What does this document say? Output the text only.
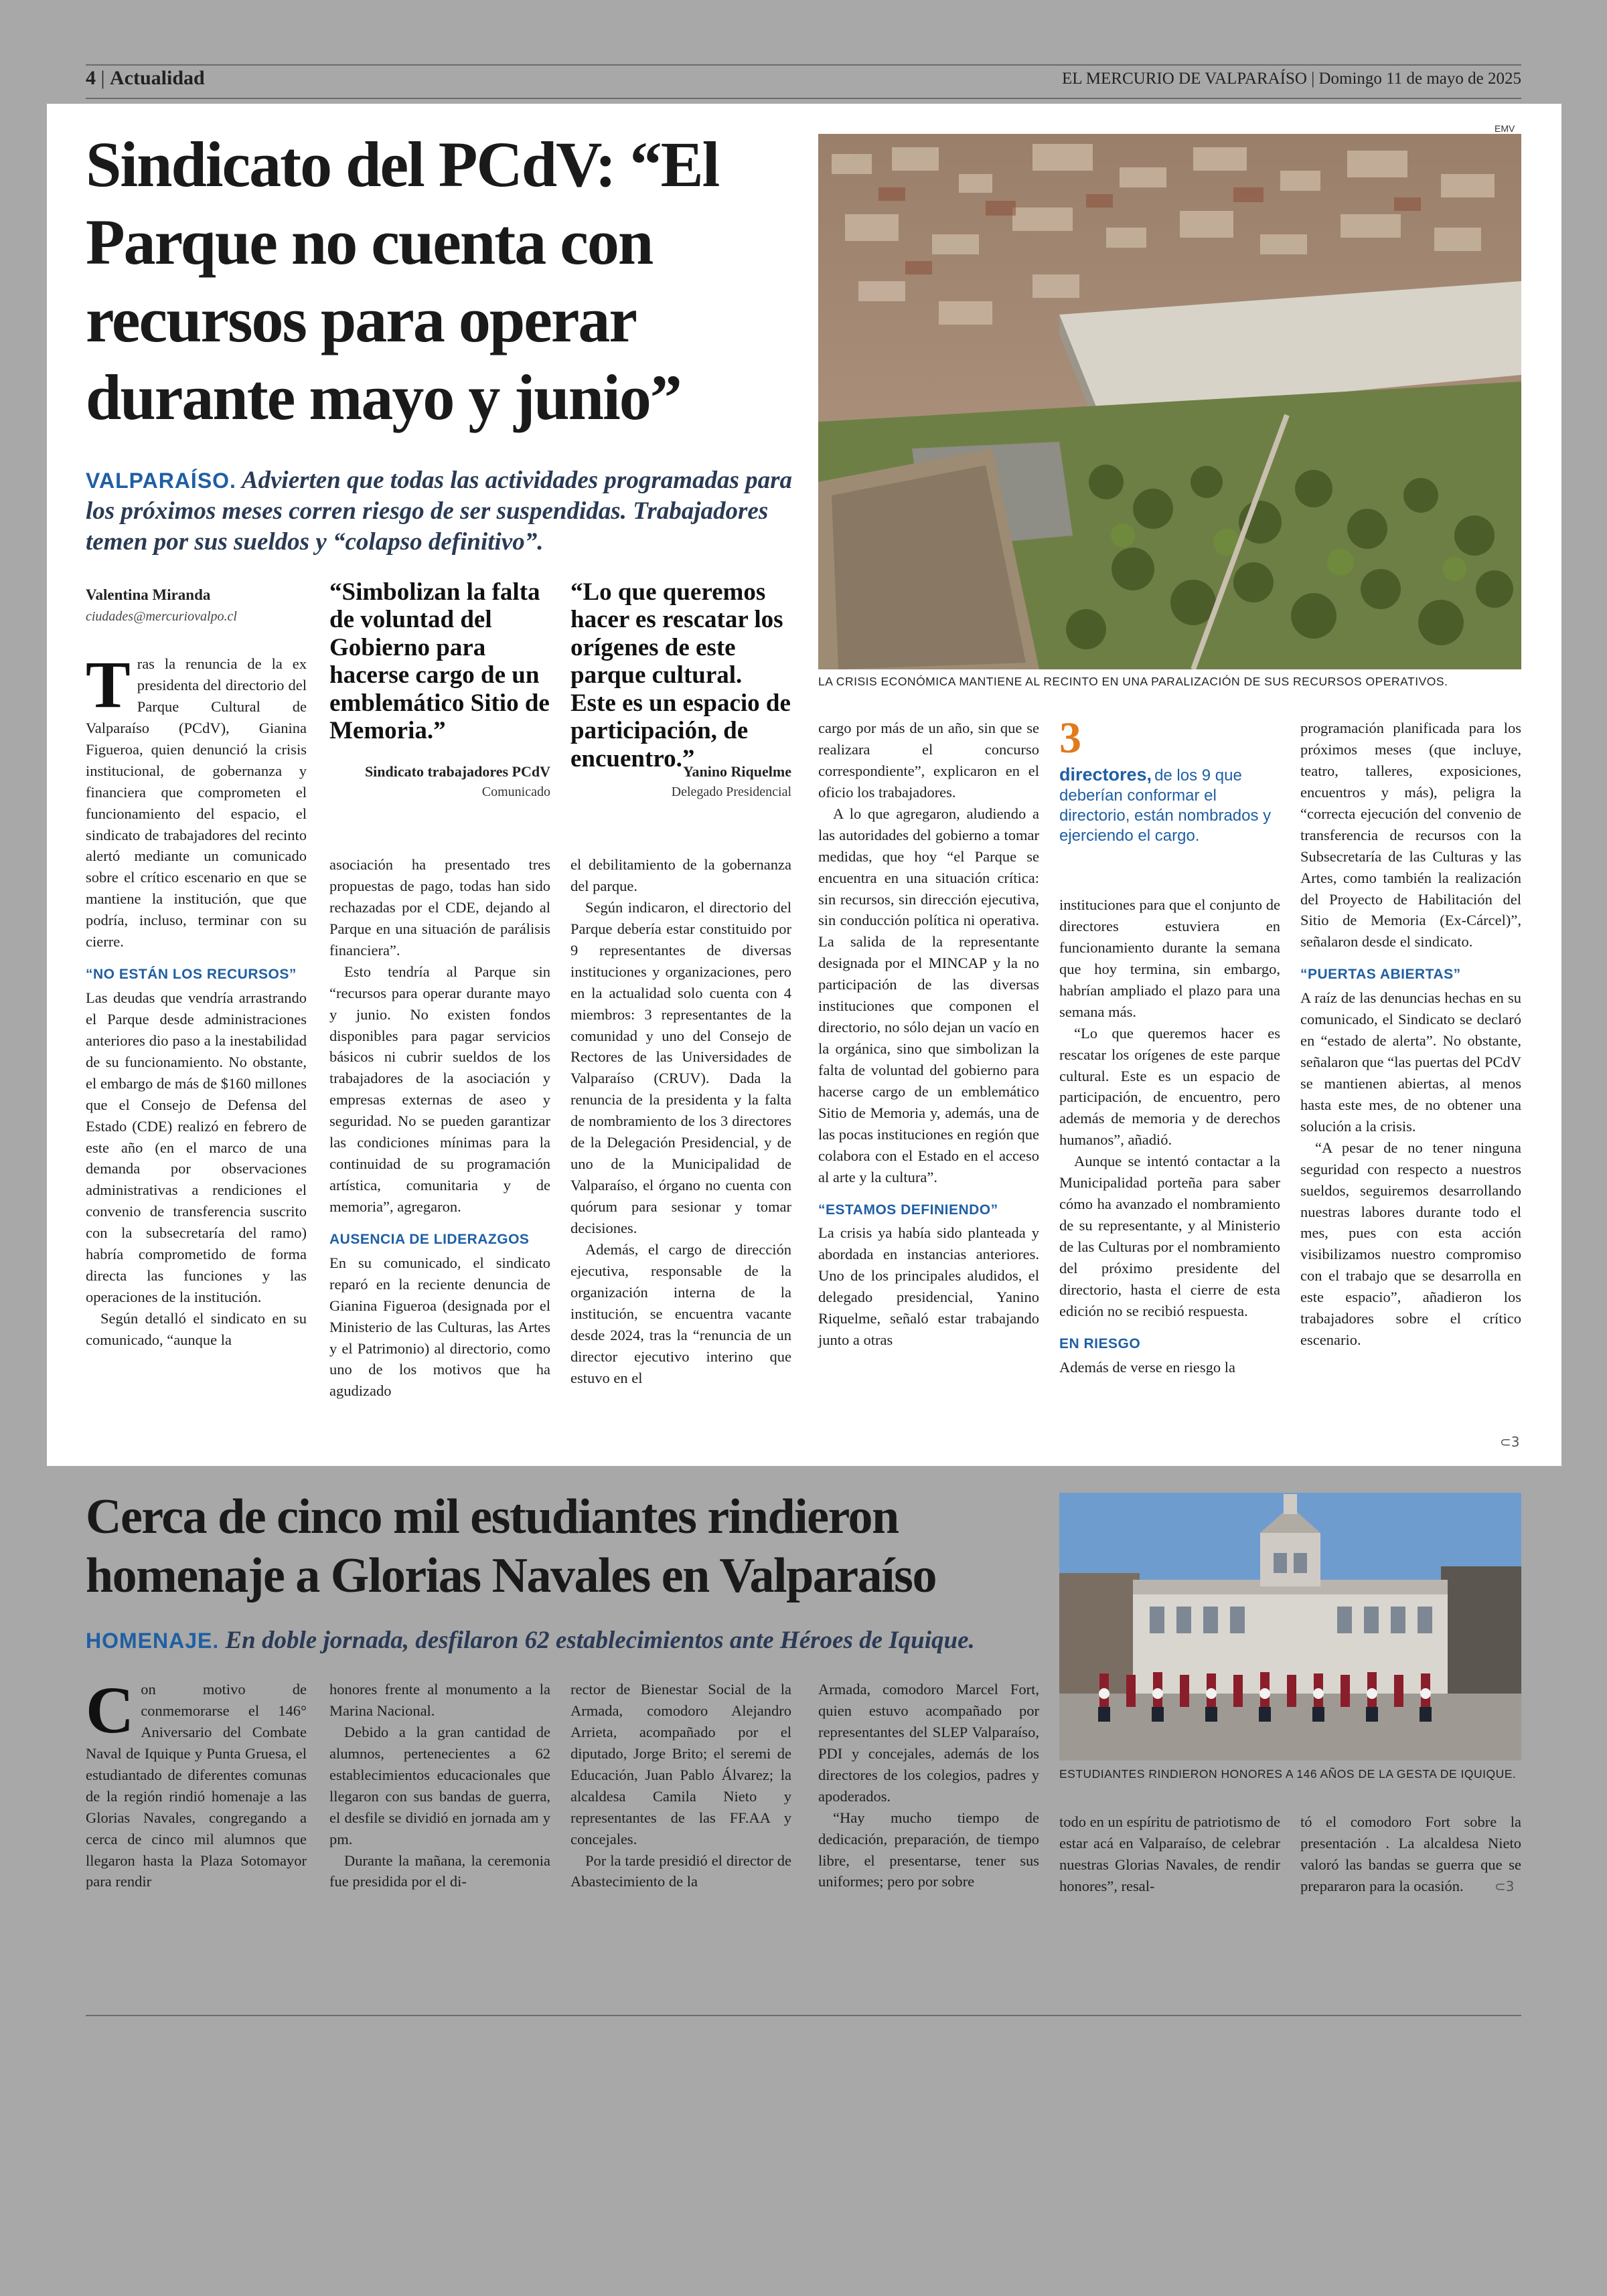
4 | Actualidad	EL MERCURIO DE VALPARAÍSO | Domingo 11 de mayo de 2025
Sindicato del PCdV: “El
Parque no cuenta con
recursos para operar
durante mayo y junio”
VALPARAÍSO. Advierten que todas las actividades programadas para los próximos meses corren riesgo de ser suspendidas. Trabajadores temen por sus sueldos y “colapso definitivo”.
EMV
LA CRISIS ECONÓMICA MANTIENE AL RECINTO EN UNA PARALIZACIÓN DE SUS RECURSOS OPERATIVOS.
Valentina Miranda
ciudades@mercuriovalpo.cl
“Simbolizan la falta de voluntad del Gobierno para hacerse cargo de un emblemático Sitio de Memoria.”
Sindicato trabajadores PCdV
Comunicado
“Lo que queremos hacer es rescatar los orígenes de este parque cultural. Este es un espacio de participación, de encuentro.”
Yanino Riquelme
Delegado Presidencial

Tras la renuncia de la ex presidenta del directorio del Parque Cultural de Valparaíso (PCdV), Gianina Figueroa, quien denunció la crisis institucional, de gobernanza y financiera que comprometen el funcionamiento del espacio, el sindicato de trabajadores del recinto alertó mediante un comunicado sobre el crítico escenario en que se mantiene la institución, que que podría, incluso, terminar con su cierre.

“NO ESTÁN LOS RECURSOS”

Las deudas que vendría arrastrando el Parque desde administraciones anteriores dio paso a la inestabilidad de su funcionamiento. No obstante, el embargo de más de $160 millones que el Consejo de Defensa del Estado (CDE) realizó en febrero de este año (en el marco de una demanda por observaciones administrativas a rendiciones el convenio de transferencia suscrito con la subsecretaría del ramo) habría comprometido de forma directa las funciones y las operaciones de la institución.

Según detalló el sindicato en su comunicado, “aunque la

asociación ha presentado tres propuestas de pago, todas han sido rechazadas por el CDE, dejando al Parque en una situación de parálisis financiera”.

Esto tendría al Parque sin “recursos para operar durante mayo y junio. No existen fondos disponibles para pagar servicios básicos ni cubrir sueldos de los trabajadores de la asociación y empresas externas de aseo y seguridad. No se pueden garantizar las condiciones mínimas para la continuidad de su programación artística, comunitaria y de memoria”, agregaron.

AUSENCIA DE LIDERAZGOS

En su comunicado, el sindicato reparó en la reciente denuncia de Gianina Figueroa (designada por el Ministerio de las Culturas, las Artes y el Patrimonio) al directorio, como uno de los motivos que ha agudizado

el debilitamiento de la gobernanza del parque.

Según indicaron, el directorio del Parque debería estar constituido por 9 representantes de diversas instituciones y organizaciones, pero en la actualidad solo cuenta con 4 miembros: 3 representantes de la comunidad y uno del Consejo de Rectores de las Universidades de Valparaíso (CRUV). Dada la renuncia de la presidenta y la falta de nombramiento de los 3 directores de la Delegación Presidencial, y de uno de la Municipalidad de Valparaíso, el órgano no cuenta con quórum para sesionar y tomar decisiones.

Además, el cargo de dirección ejecutiva, responsable de la organización interna de la institución, se encuentra vacante desde 2024, tras la “renuncia de un director ejecutivo interino que estuvo en el

cargo por más de un año, sin que se realizara el concurso correspondiente”, explicaron en el oficio los trabajadores.

A lo que agregaron, aludiendo a las autoridades del gobierno a tomar medidas, que hoy “el Parque se encuentra en una situación crítica: sin recursos, sin dirección ejecutiva, sin conducción política ni operativa. La salida de la representante designada por el MINCAP y la no participación de las diversas instituciones que componen el directorio, no sólo dejan un vacío en la orgánica, sino que simbolizan la falta de voluntad del gobierno para hacerse cargo de un emblemático Sitio de Memoria y, además, una de las pocas instituciones en región que colabora con el Estado en el acceso al arte y la cultura”.

“ESTAMOS DEFINIENDO”

La crisis ya había sido planteada y abordada en instancias anteriores. Uno de los principales aludidos, el delegado presidencial, Yanino Riquelme, señaló estar trabajando junto a otras

3
directores, de los 9 que deberían conformar el directorio, están nombrados y ejerciendo el cargo.

instituciones para que el conjunto de directores estuviera en funcionamiento durante la semana que hoy termina, sin embargo, habrían ampliado el plazo para una semana más.

“Lo que queremos hacer es rescatar los orígenes de este parque cultural. Este es un espacio de participación, de encuentro, pero además de memoria y de derechos humanos”, añadió.

Aunque se intentó contactar a la Municipalidad porteña para saber cómo ha avanzado el nombramiento de su representante, y al Ministerio de las Culturas por el nombramiento del próximo presidente del directorio, hasta el cierre de esta edición no se recibió respuesta.

EN RIESGO

Además de verse en riesgo la

programación planificada para los próximos meses (que incluye, teatro, talleres, exposiciones, encuentros y más), peligra la “correcta ejecución del convenio de transferencia de recursos con la Subsecretaría de las Culturas y las Artes, como también la realización del Proyecto de Habilitación del Sitio de Memoria (Ex-Cárcel)”, señalaron desde el sindicato.

“PUERTAS ABIERTAS”

A raíz de las denuncias hechas en su comunicado, el Sindicato se declaró en “estado de alerta”. No obstante, señalaron que “las puertas del PCdV se mantienen abiertas, al menos hasta este mes, de no obtener una solución a la crisis.

“A pesar de no tener ninguna seguridad con respecto a nuestros sueldos, seguiremos desarrollando nuestras labores durante todo el mes, pues con esta acción visibilizamos nuestro compromiso con el trabajo que se desarrolla en este espacio”, añadieron los trabajadores sobre el crítico escenario.

⊂3
Cerca de cinco mil estudiantes rindieron
homenaje a Glorias Navales en Valparaíso
HOMENAJE. En doble jornada, desfilaron 62 establecimientos ante Héroes de Iquique.
ESTUDIANTES RINDIERON HONORES A 146 AÑOS DE LA GESTA DE IQUIQUE.

Con motivo de conmemorarse el 146° Aniversario del Combate Naval de Iquique y Punta Gruesa, el estudiantado de diferentes comunas de la región rindió homenaje a las Glorias Navales, congregando a cerca de cinco mil alumnos que llegaron hasta la Plaza Sotomayor para rendir

honores frente al monumento a la Marina Nacional.

Debido a la gran cantidad de alumnos, pertenecientes a 62 establecimientos educacionales que llegaron con sus bandas de guerra, el desfile se dividió en jornada am y pm.

Durante la mañana, la ceremonia fue presidida por el di-

rector de Bienestar Social de la Armada, comodoro Alejandro Arrieta, acompañado por el diputado, Jorge Brito; el seremi de Educación, Juan Pablo Álvarez; la alcaldesa Camila Nieto y representantes de las FF.AA y concejales.

Por la tarde presidió el director de Abastecimiento de la

Armada, comodoro Marcel Fort, quien estuvo acompañado por representantes del SLEP Valparaíso, PDI y concejales, además de los directores de los colegios, padres y apoderados.

“Hay mucho tiempo de dedicación, preparación, de tiempo libre, el presentarse, tener sus uniformes; pero por sobre

todo en un espíritu de patriotismo de estar acá en Valparaíso, de celebrar nuestras Glorias Navales, de rendir honores”, resal-

tó el comodoro Fort sobre la presentación . La alcaldesa Nieto valoró las bandas se guerra que se prepararon para la ocasión.	⊂3
